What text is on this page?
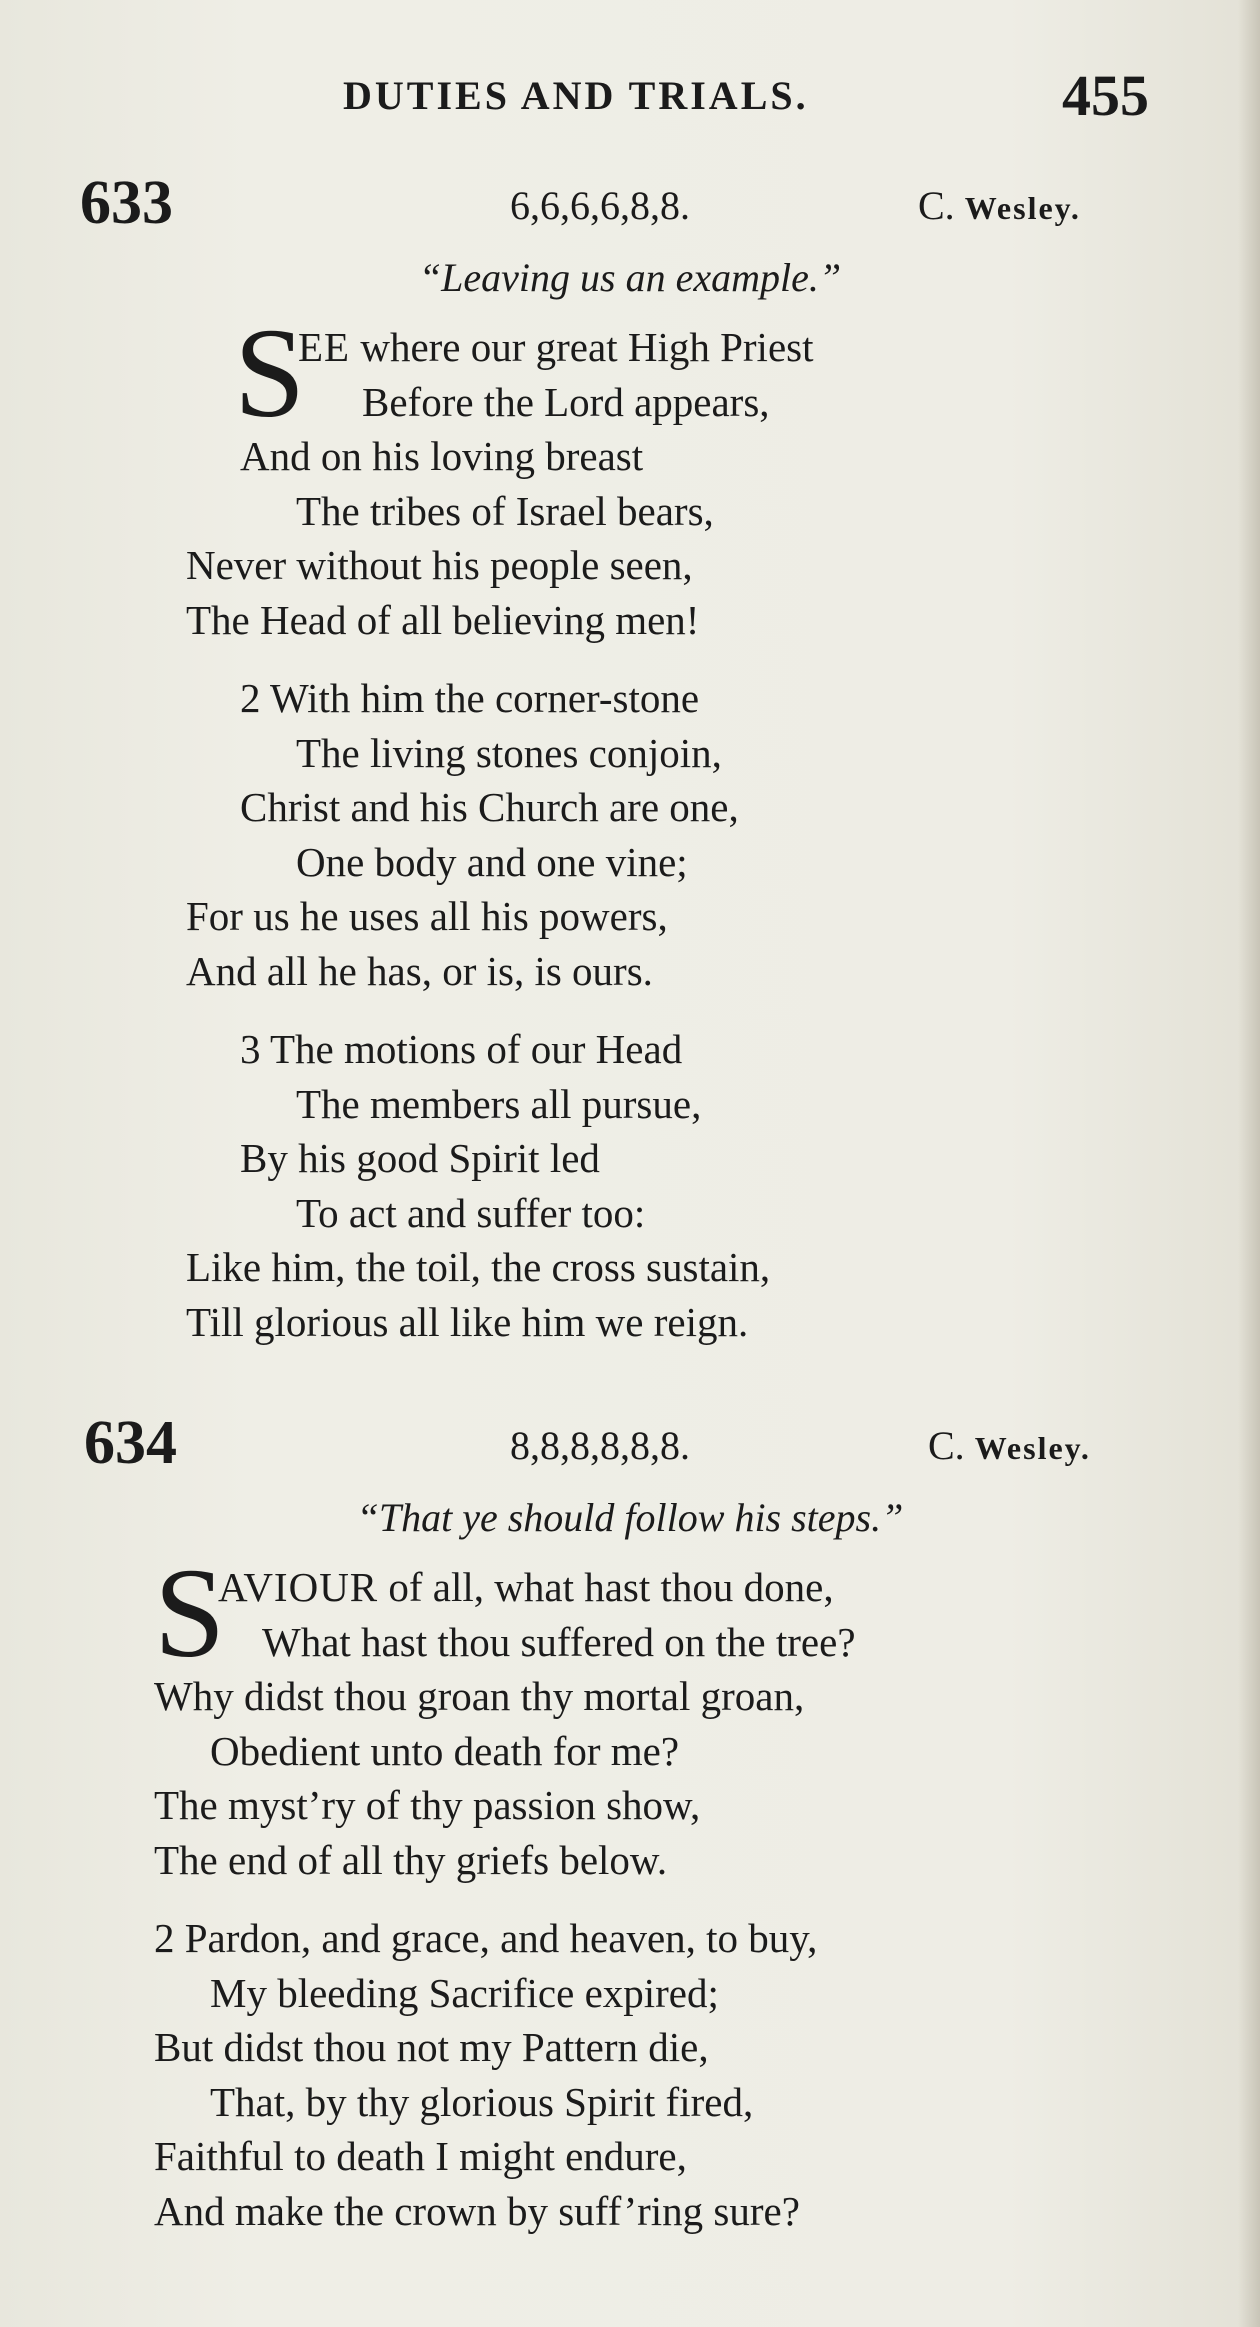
DUTIES AND TRIALS.	455
633	6,6,6,6,8,8.	C. Wesley.
“Leaving us an example.”
S
EE where our great High Priest
Before the Lord appears,
And on his loving breast
The tribes of Israel bears,
Never without his people seen,
The Head of all believing men!
2 With him the corner-stone
The living stones conjoin,
Christ and his Church are one,
One body and one vine;
For us he uses all his powers,
And all he has, or is, is ours.
3 The motions of our Head
The members all pursue,
By his good Spirit led
To act and suffer too:
Like him, the toil, the cross sustain,
Till glorious all like him we reign.
634	8,8,8,8,8,8.	C. Wesley.
“That ye should follow his steps.”
S
AVIOUR of all, what hast thou done,
What hast thou suffered on the tree?
Why didst thou groan thy mortal groan,
Obedient unto death for me?
The myst’ry of thy passion show,
The end of all thy griefs below.
2 Pardon, and grace, and heaven, to buy,
My bleeding Sacrifice expired;
But didst thou not my Pattern die,
That, by thy glorious Spirit fired,
Faithful to death I might endure,
And make the crown by suff’ring sure?
